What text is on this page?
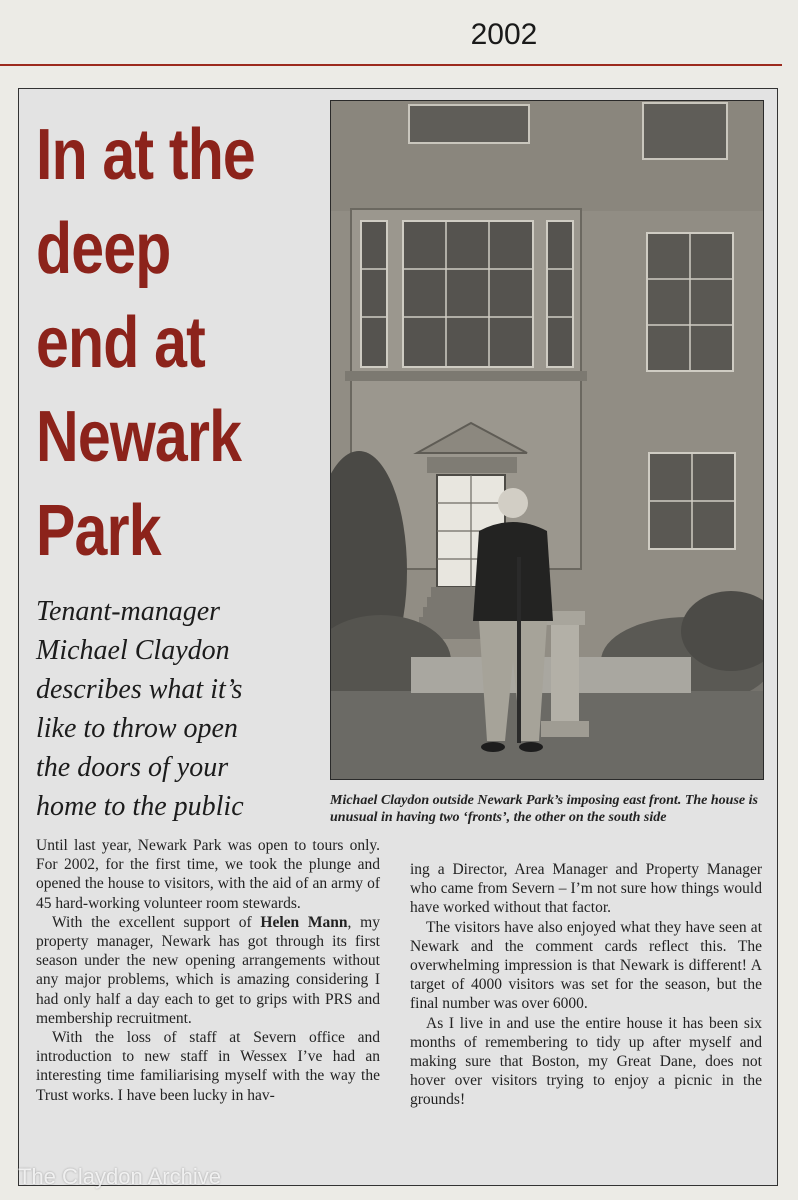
2002
In at the
deep
end at
Newark
Park
Tenant-manager
Michael Claydon
describes what it’s
like to throw open
the doors of your
home to the public	Michael Claydon outside Newark Park’s imposing east front. The house is unusual in having two ‘fronts’, the other on the south side

Until last year, Newark Park was open to tours only. For 2002, for the first time, we took the plunge and opened the house to visitors, with the aid of an army of 45 hard-working volunteer room stewards.

With the excellent support of Helen Mann, my property manager, Newark has got through its first season under the new opening arrangements without any major problems, which is amazing considering I had only half a day each to get to grips with PRS and membership recruitment.

With the loss of staff at Severn office and introduction to new staff in Wessex I’ve had an interesting time familiarising myself with the way the Trust works. I have been lucky in hav-

ing a Director, Area Manager and Property Manager who came from Severn – I’m not sure how things would have worked without that factor.

The visitors have also enjoyed what they have seen at Newark and the comment cards reflect this. The overwhelming impression is that Newark is different! A target of 4000 visitors was set for the season, but the final number was over 6000.

As I live in and use the entire house it has been six months of remembering to tidy up after myself and making sure that Boston, my Great Dane, does not hover over visitors trying to enjoy a picnic in the grounds!

The Claydon Archive
